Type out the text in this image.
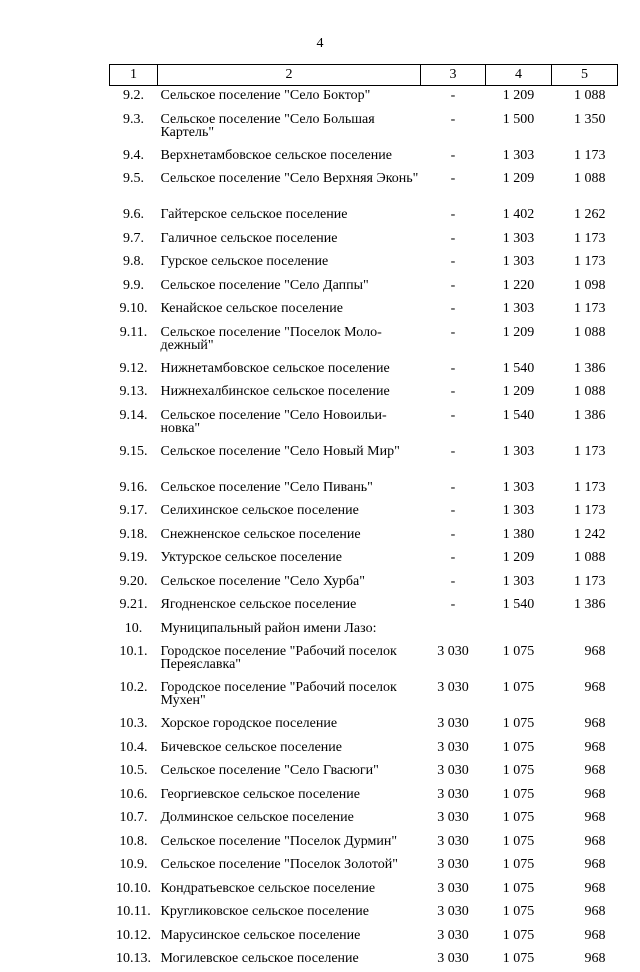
4
1	2	3	4	5
9.2.	Сельское поселение "Село Боктор"	-	1 209	1 088
9.3.	Сельское поселение "Село Большая Картель"	-	1 500	1 350
9.4.	Верхнетамбовское сельское поселение	-	1 303	1 173
9.5.	Сельское поселение "Село Верхняя Эконь"	-	1 209	1 088
9.6.	Гайтерское сельское поселение	-	1 402	1 262
9.7.	Галичное сельское поселение	-	1 303	1 173
9.8.	Гурское сельское поселение	-	1 303	1 173
9.9.	Сельское поселение "Село Даппы"	-	1 220	1 098
9.10.	Кенайское сельское поселение	-	1 303	1 173
9.11.	Сельское поселение "Поселок Моло-дежный"	-	1 209	1 088
9.12.	Нижнетамбовское сельское поселение	-	1 540	1 386
9.13.	Нижнехалбинское сельское поселение	-	1 209	1 088
9.14.	Сельское поселение "Село Новоильи-новка"	-	1 540	1 386
9.15.	Сельское поселение "Село Новый Мир"	-	1 303	1 173
9.16.	Сельское поселение "Село Пивань"	-	1 303	1 173
9.17.	Селихинское сельское поселение	-	1 303	1 173
9.18.	Снежненское сельское поселение	-	1 380	1 242
9.19.	Уктурское сельское поселение	-	1 209	1 088
9.20.	Сельское поселение "Село Хурба"	-	1 303	1 173
9.21.	Ягодненское сельское поселение	-	1 540	1 386
10.	Муниципальный район имени Лазо:			
10.1.	Городское поселение "Рабочий поселок Переяславка"	3 030	1 075	968
10.2.	Городское поселение "Рабочий поселок Мухен"	3 030	1 075	968
10.3.	Хорское городское поселение	3 030	1 075	968
10.4.	Бичевское сельское поселение	3 030	1 075	968
10.5.	Сельское поселение "Село Гвасюги"	3 030	1 075	968
10.6.	Георгиевское сельское поселение	3 030	1 075	968
10.7.	Долминское сельское поселение	3 030	1 075	968
10.8.	Сельское поселение "Поселок Дурмин"	3 030	1 075	968
10.9.	Сельское поселение "Поселок Золотой"	3 030	1 075	968
10.10.	Кондратьевское сельское поселение	3 030	1 075	968
10.11.	Кругликовское сельское поселение	3 030	1 075	968
10.12.	Марусинское сельское поселение	3 030	1 075	968
10.13.	Могилевское сельское поселение	3 030	1 075	968
